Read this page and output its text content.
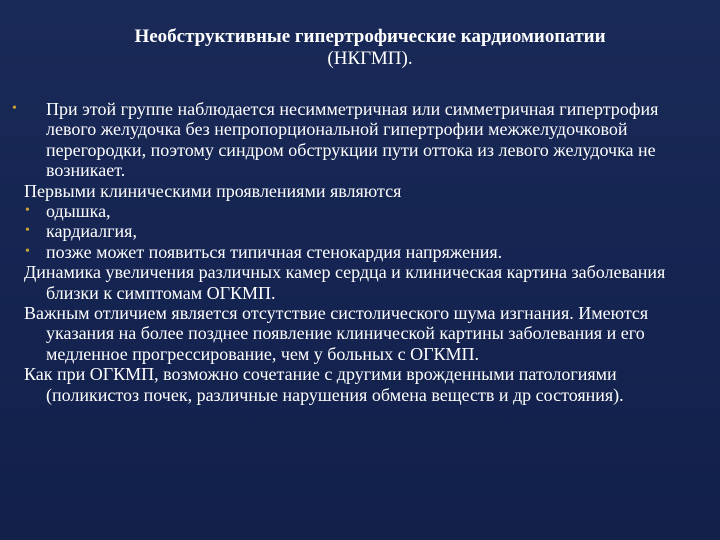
Необструктивные гипертрофические кардиомиопатии
(НКГМП).

•	При этой группе наблюдается несимметричная или симметричная гипертрофия левого желудочка без непропорциональной гипертрофии межжелудочковой перегородки, поэтому синдром обструкции пути оттока из левого желудочка не возникает.

Первыми клиническими проявлениями являются

• одышка,

• кардиалгия,

• позже может появиться типичная стенокардия напряжения.

Динамика увеличения различных камер сердца и клиническая картина заболевания близки к симптомам ОГКМП.

Важным отличием является отсутствие систолического шума изгнания. Имеются указания на более позднее появление клинической картины заболевания и его медленное прогрессирование, чем у больных с ОГКМП.

Как при ОГКМП, возможно сочетание с другими врожденными патологиями (поликистоз почек, различные нарушения обмена веществ и др состояния).
